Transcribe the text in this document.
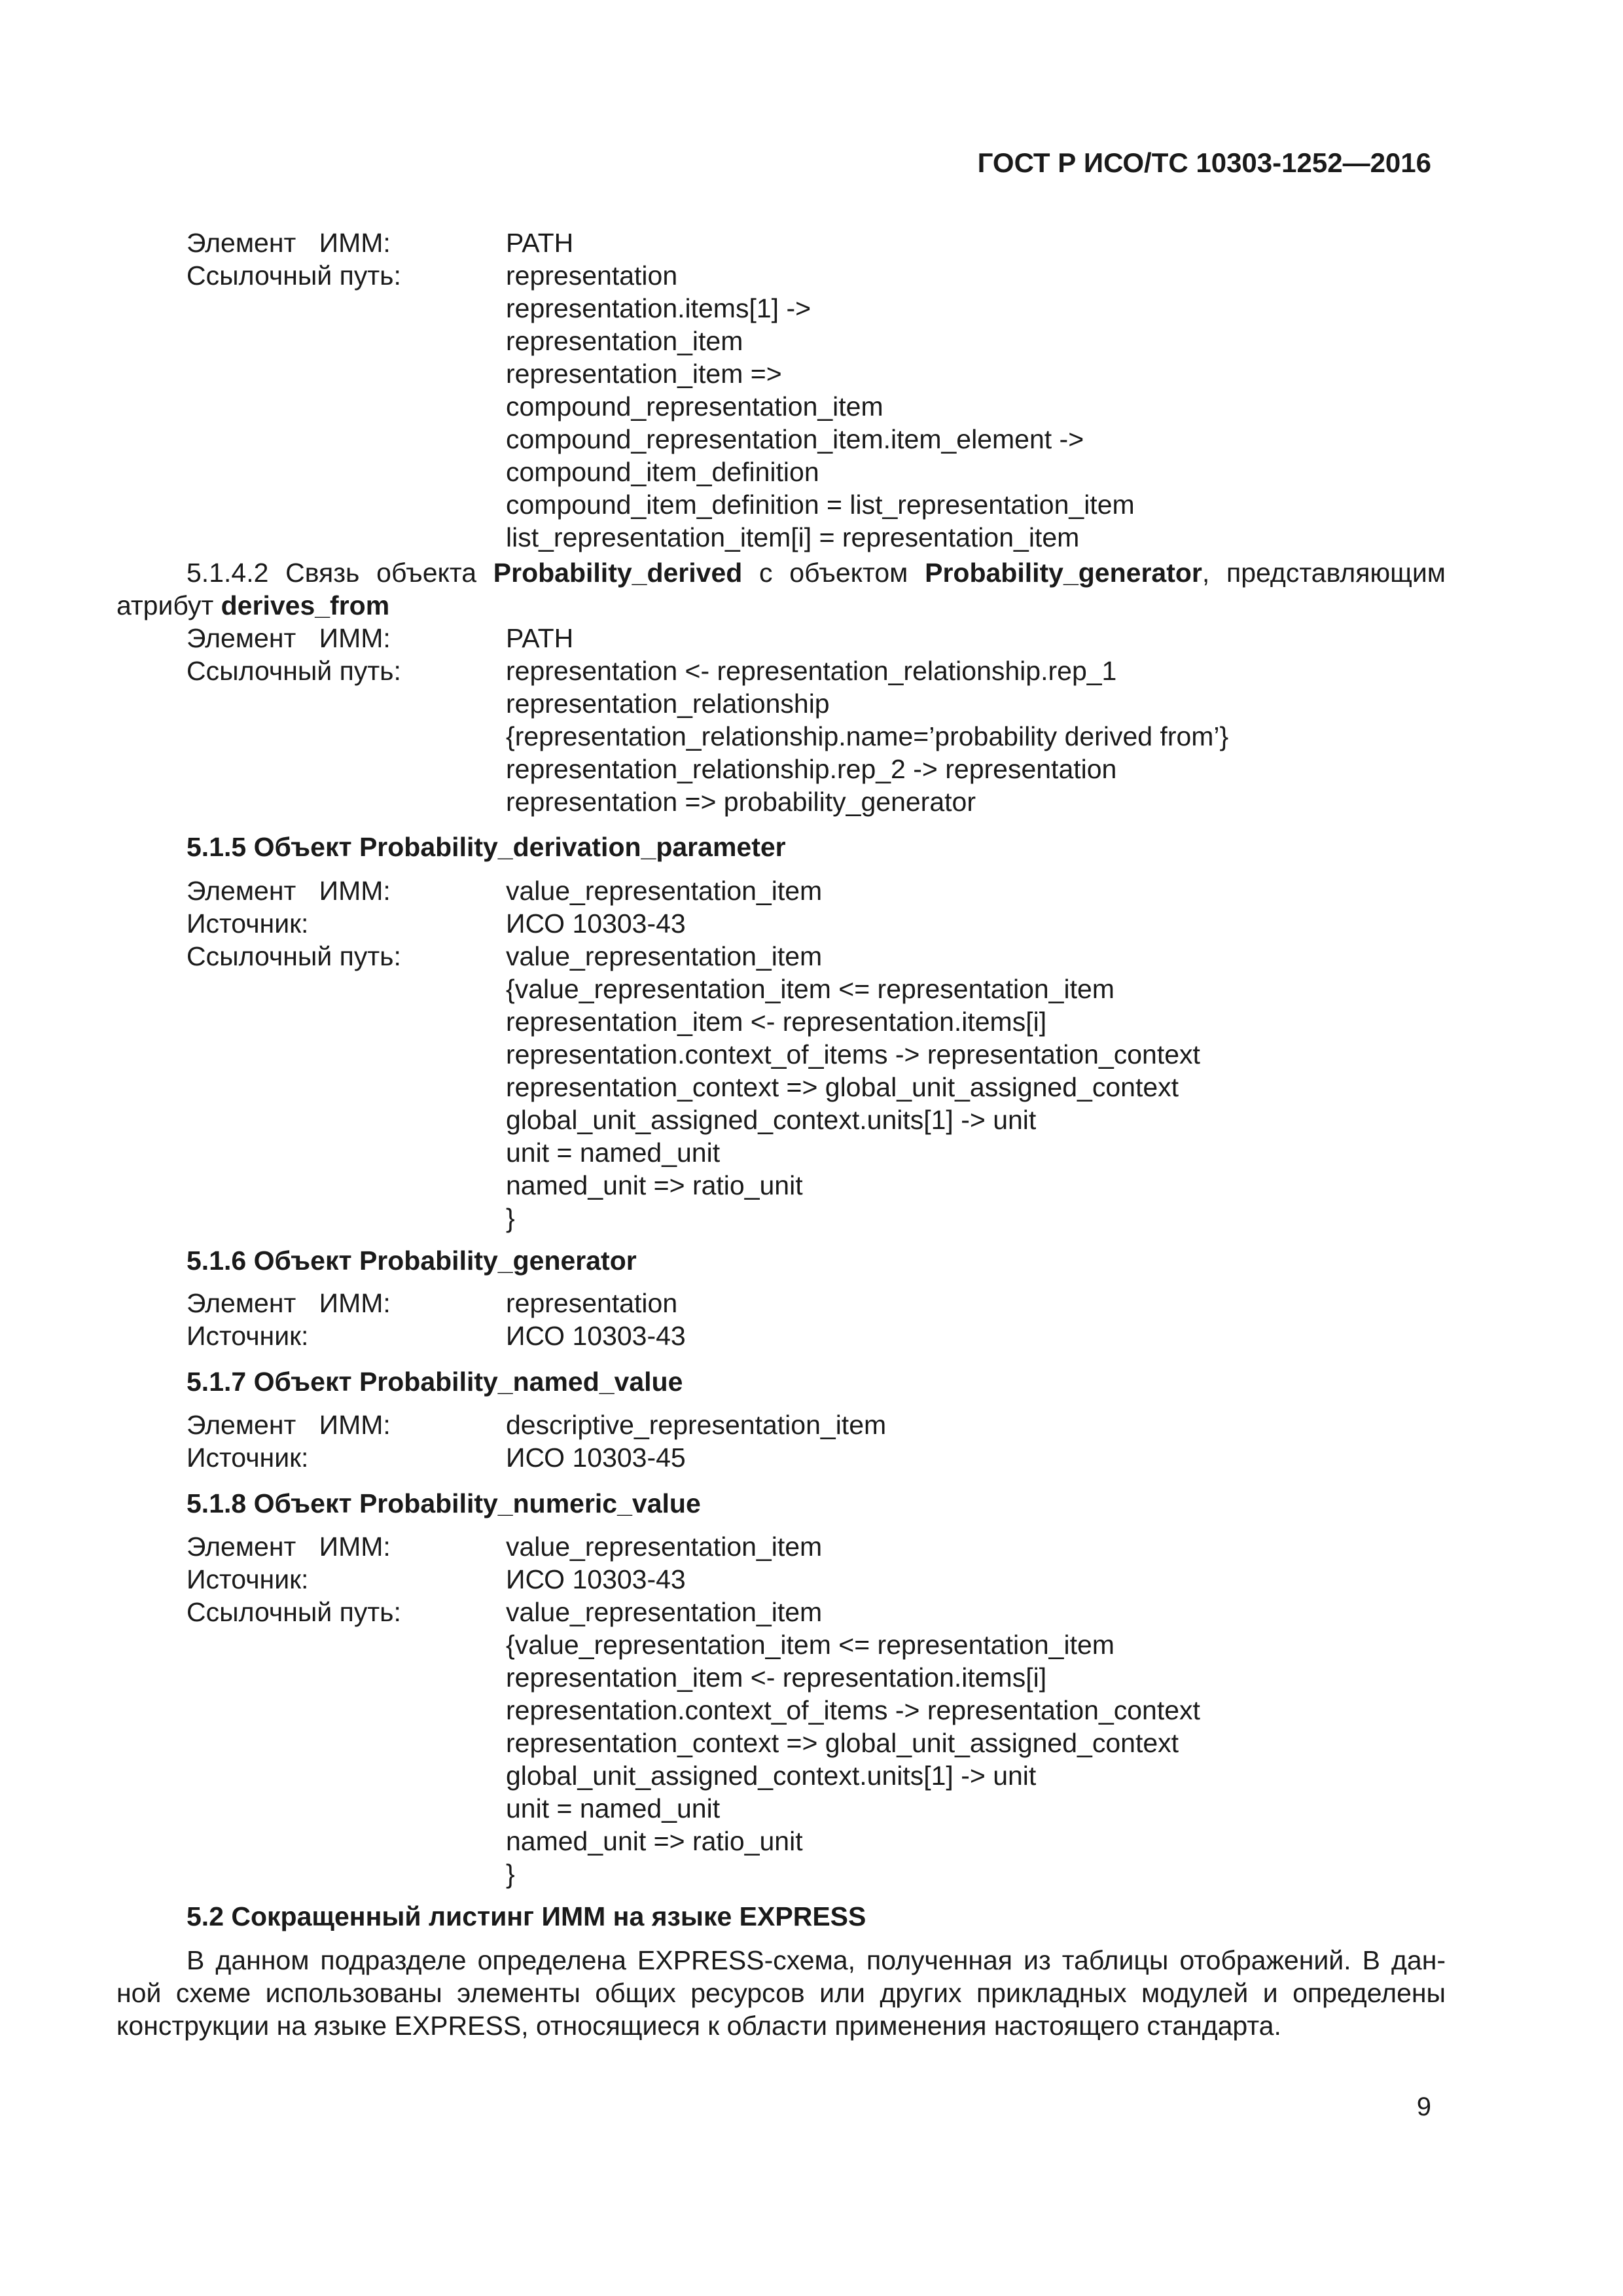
ГОСТ Р ИСО/ТС 10303-1252—2016
Элемент ИММ:	PATH
Ссылочный путь:	representation
representation.items[1] ->
representation_item
representation_item =>
compound_representation_item
compound_representation_item.item_element ->
compound_item_definition
compound_item_definition = list_representation_item
list_representation_item[i] = representation_item
5.1.4.2 Связь объекта Probability_derived с объектом Probability_generator, представляющим
атрибут derives_from
Элемент ИММ:	PATH
Ссылочный путь:	representation <- representation_relationship.rep_1
representation_relationship
{representation_relationship.name=’probability derived from’}
representation_relationship.rep_2 -> representation
representation => probability_generator
5.1.5 Объект Probability_derivation_parameter
Элемент ИММ:	value_representation_item
Источник:	ИСО 10303-43
Ссылочный путь:	value_representation_item
{value_representation_item <= representation_item
representation_item <- representation.items[i]
representation.context_of_items -> representation_context
representation_context => global_unit_assigned_context
global_unit_assigned_context.units[1] -> unit
unit = named_unit
named_unit => ratio_unit
}
5.1.6 Объект Probability_generator
Элемент ИММ:	representation
Источник:	ИСО 10303-43
5.1.7 Объект Probability_named_value
Элемент ИММ:	descriptive_representation_item
Источник:	ИСО 10303-45
5.1.8 Объект Probability_numeric_value
Элемент ИММ:	value_representation_item
Источник:	ИСО 10303-43
Ссылочный путь:	value_representation_item
{value_representation_item <= representation_item
representation_item <- representation.items[i]
representation.context_of_items -> representation_context
representation_context => global_unit_assigned_context
global_unit_assigned_context.units[1] -> unit
unit = named_unit
named_unit => ratio_unit
}
5.2 Сокращенный листинг ИММ на языке EXPRESS
В данном подразделе определена EXPRESS-схема, полученная из таблицы отображений. В дан-
ной схеме использованы элементы общих ресурсов или других прикладных модулей и определены
конструкции на языке EXPRESS, относящиеся к области применения настоящего стандарта.
9
